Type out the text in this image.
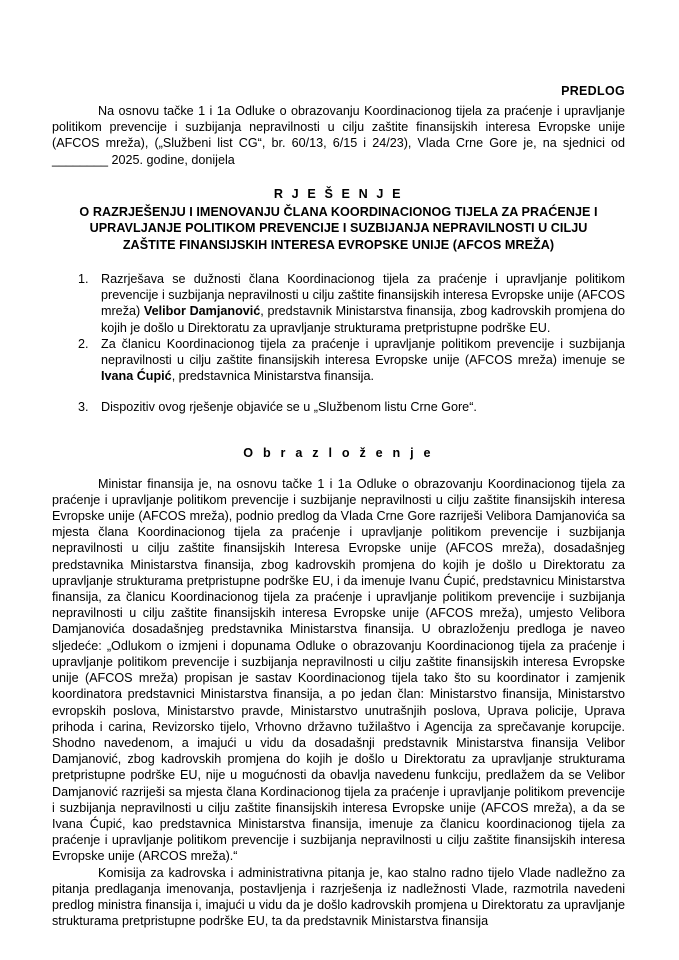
PREDLOG

Na osnovu tačke 1 i 1a Odluke o obrazovanju Koordinacionog tijela za praćenje i upravljanje politikom prevencije i suzbijanja nepravilnosti u cilju zaštite finansijskih interesa Evropske unije (AFCOS mreža), („Službeni list CG“, br. 60/13, 6/15 i 24/23), Vlada Crne Gore je, na sjednici od ________ 2025. godine, donijela

R J E Š E N J E
O RAZRJEŠENJU I IMENOVANJU ČLANA KOORDINACIONOG TIJELA ZA PRAĆENJE I
UPRAVLJANJE POLITIKOM PREVENCIJE I SUZBIJANJA NEPRAVILNOSTI U CILJU
ZAŠTITE FINANSIJSKIH INTERESA EVROPSKE UNIJE (AFCOS MREŽA)
1. Razrješava se dužnosti člana Koordinacionog tijela za praćenje i upravljanje politikom prevencije i suzbijanja nepravilnosti u cilju zaštite finansijskih interesa Evropske unije (AFCOS mreža) Velibor Damjanović, predstavnik Ministarstva finansija, zbog kadrovskih promjena do kojih je došlo u Direktoratu za upravljanje strukturama pretpristupne podrške EU.
2. Za članicu Koordinacionog tijela za praćenje i upravljanje politikom prevencije i suzbijanja nepravilnosti u cilju zaštite finansijskih interesa Evropske unije (AFCOS mreža) imenuje se Ivana Ćupić, predstavnica Ministarstva finansija.
3. Dispozitiv ovog rješenje objaviće se u „Službenom listu Crne Gore“.
O b r a z l o ž e n j e

Ministar finansija je, na osnovu tačke 1 i 1a Odluke o obrazovanju Koordinacionog tijela za praćenje i upravljanje politikom prevencije i suzbijanje nepravilnosti u cilju zaštite finansijskih interesa Evropske unije (AFCOS mreža), podnio predlog da Vlada Crne Gore razriješi Velibora Damjanovića sa mjesta člana Koordinacionog tijela za praćenje i upravljanje politikom prevencije i suzbijanja nepravilnosti u cilju zaštite finansijskih Interesa Evropske unije (AFCOS mreža), dosadašnjeg predstavnika Ministarstva finansija, zbog kadrovskih promjena do kojih je došlo u Direktoratu za upravljanje strukturama pretpristupne podrške EU, i da imenuje Ivanu Ćupić, predstavnicu Ministarstva finansija, za članicu Koordinacionog tijela za praćenje i upravljanje politikom prevencije i suzbijanja nepravilnosti u cilju zaštite finansijskih interesa Evropske unije (AFCOS mreža), umjesto Velibora Damjanovića dosadašnjeg predstavnika Ministarstva finansija. U obrazloženju predloga je naveo sljedeće: „Odlukom o izmjeni i dopunama Odluke o obrazovanju Koordinacionog tijela za praćenje i upravljanje politikom prevencije i suzbijanja nepravilnosti u cilju zaštite finansijskih interesa Evropske unije (AFCOS mreža) propisan je sastav Koordinacionog tijela tako što su koordinator i zamjenik koordinatora predstavnici Ministarstva finansija, a po jedan član: Ministarstvo finansija, Ministarstvo evropskih poslova, Ministarstvo pravde, Ministarstvo unutrašnjih poslova, Uprava policije, Uprava prihoda i carina, Revizorsko tijelo, Vrhovno državno tužilaštvo i Agencija za sprečavanje korupcije. Shodno navedenom, a imajući u vidu da dosadašnji predstavnik Ministarstva finansija Velibor Damjanović, zbog kadrovskih promjena do kojih je došlo u Direktoratu za upravljanje strukturama pretpristupne podrške EU, nije u mogućnosti da obavlja navedenu funkciju, predlažem da se Velibor Damjanović razriješi sa mjesta člana Kordinacionog tijela za praćenje i upravljanje politikom prevencije i suzbijanja nepravilnosti u cilju zaštite finansijskih interesa Evropske unije (AFCOS mreža), a da se Ivana Ćupić, kao predstavnica Ministarstva finansija, imenuje za članicu koordinacionog tijela za praćenje i upravljanje politikom prevencije i suzbijanja nepravilnosti u cilju zaštite finansijskih interesa Evropske unije (ARCOS mreža).“

Komisija za kadrovska i administrativna pitanja je, kao stalno radno tijelo Vlade nadležno za pitanja predlaganja imenovanja, postavljenja i razrješenja iz nadležnosti Vlade, razmotrila navedeni predlog ministra finansija i, imajući u vidu da je došlo kadrovskih promjena u Direktoratu za upravljanje strukturama pretpristupne podrške EU, ta da predstavnik Ministarstva finansija
